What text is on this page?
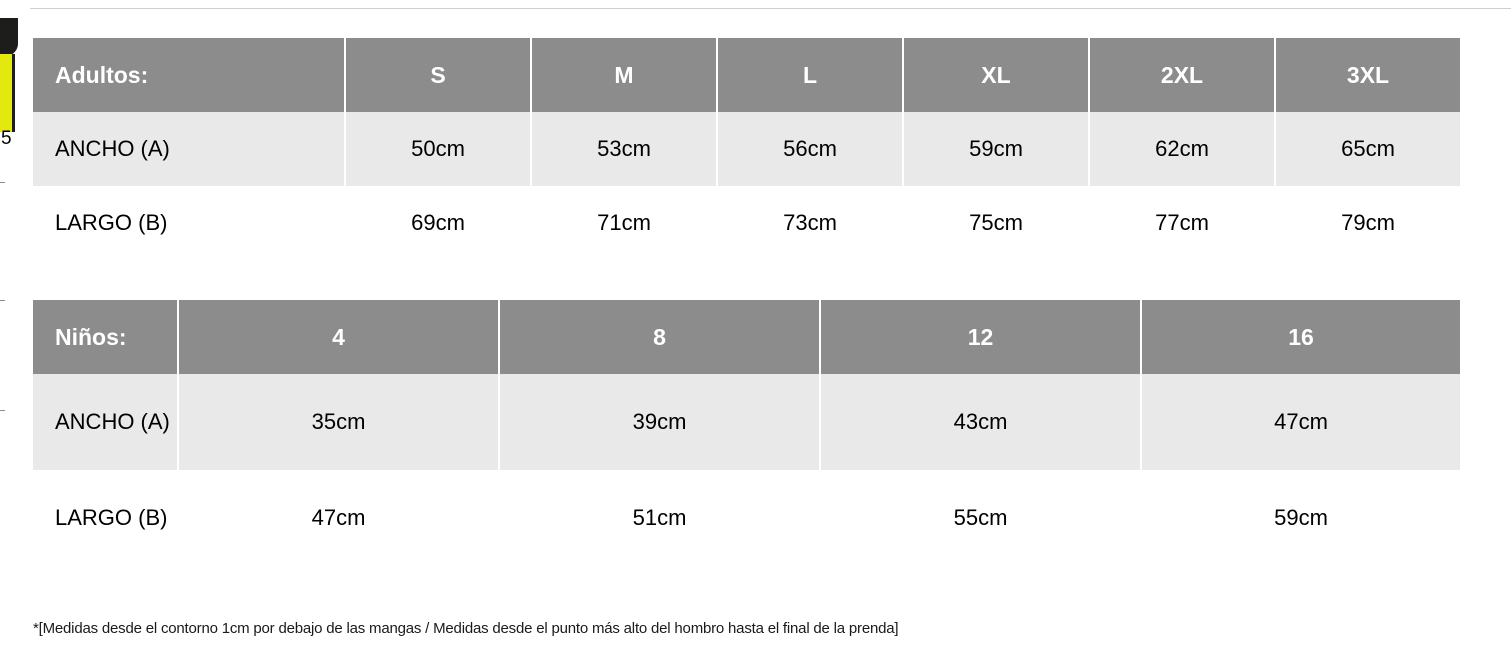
5
Adultos:	S	M	L	XL	2XL	3XL
ANCHO (A)	50cm	53cm	56cm	59cm	62cm	65cm
LARGO (B)	69cm	71cm	73cm	75cm	77cm	79cm
Niños:	4	8	12	16
ANCHO (A)	35cm	39cm	43cm	47cm
LARGO (B)	47cm	51cm	55cm	59cm
*[Medidas desde el contorno 1cm por debajo de las mangas / Medidas desde el punto más alto del hombro hasta el final de la prenda]
